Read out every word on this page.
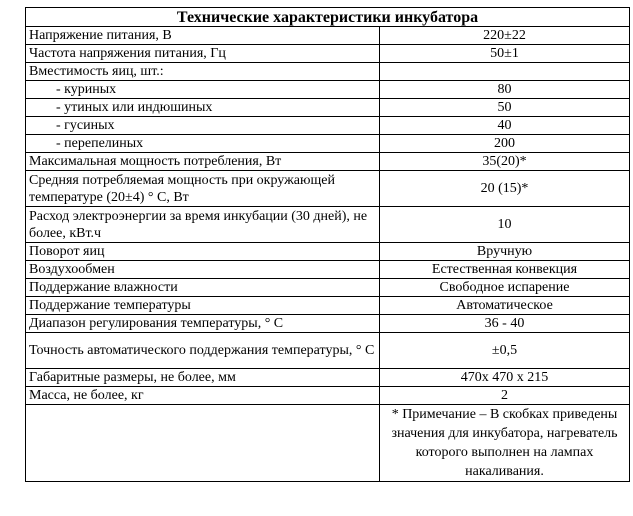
Технические характеристики инкубатора	
Напряжение питания, В	220±22
Частота напряжения питания, Гц	50±1
Вместимость яиц, шт.:	
- куриных	80
- утиных или индюшиных	50
- гусиных	40
- перепелиных	200
Максимальная мощность потребления, Вт	35(20)*
Средняя потребляемая мощность при окружающей температуре (20±4) ° С, Вт	20 (15)*
Расход электроэнергии за время инкубации (30 дней), не более, кВт.ч	10
Поворот яиц	Вручную
Воздухообмен	Естественная конвекция
Поддержание влажности	Свободное испарение
Поддержание температуры	Автоматическое
Диапазон регулирования температуры, ° С	36 - 40
Точность автоматического поддержания температуры, ° С	±0,5
Габаритные размеры, не более, мм	470х 470 х 215
Масса, не более, кг	2
	* Примечание – В скобках приведены значения для инкубатора, нагреватель которого выполнен на лампах накаливания.
